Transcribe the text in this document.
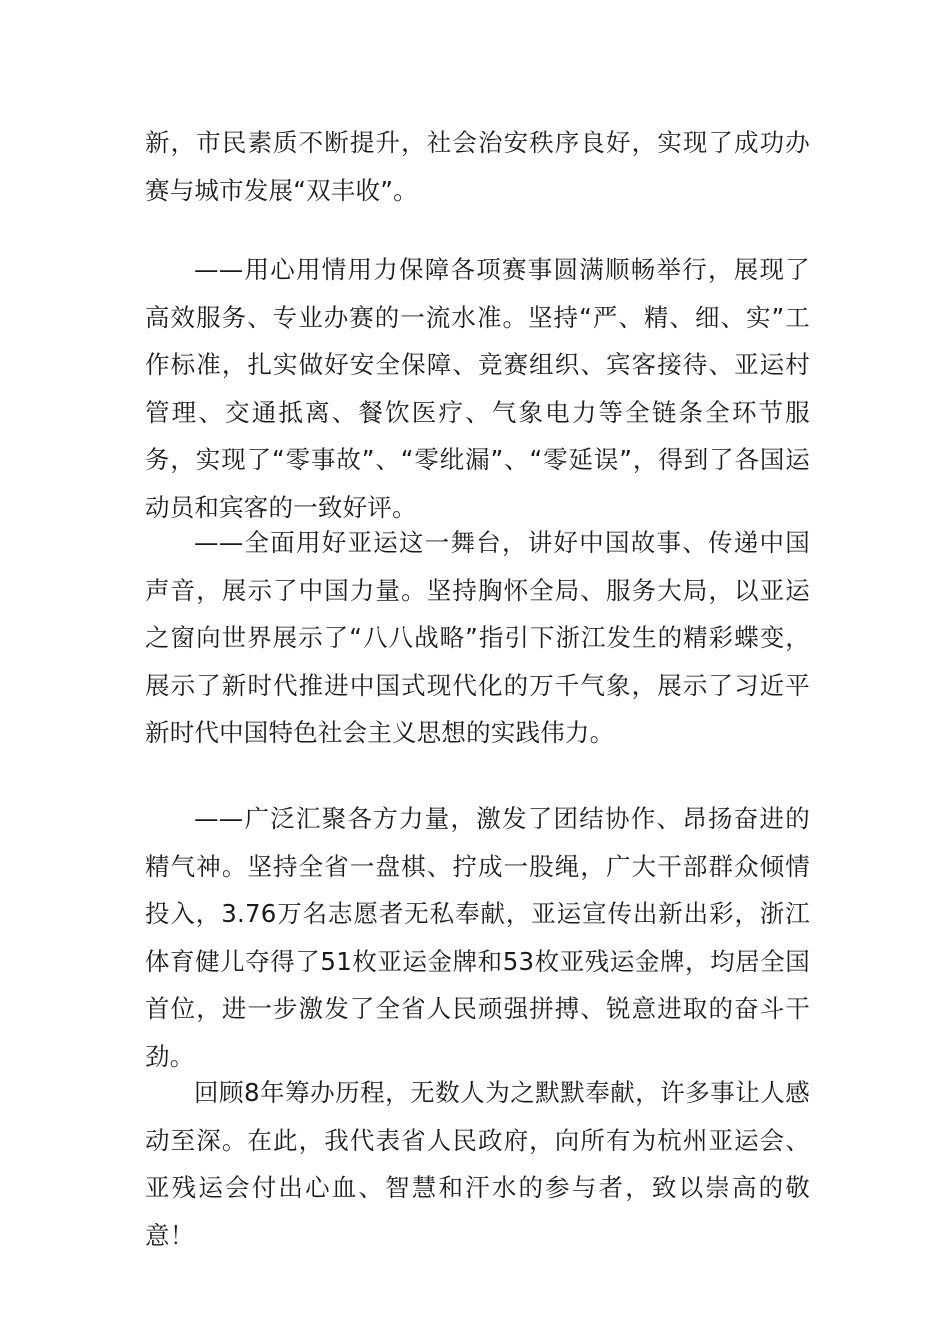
新，市民素质不断提升，社会治安秩序良好，实现了成功办赛与城市发展“双丰收”。

——用心用情用力保障各项赛事圆满顺畅举行，展现了高效服务、专业办赛的一流水准。坚持“严、精、细、实”工作标准，扎实做好安全保障、竞赛组织、宾客接待、亚运村管理、交通抵离、餐饮医疗、气象电力等全链条全环节服务，实现了“零事故”、“零纰漏”、“零延误”，得到了各国运动员和宾客的一致好评。

——全面用好亚运这一舞台，讲好中国故事、传递中国声音，展示了中国力量。坚持胸怀全局、服务大局，以亚运之窗向世界展示了“八八战略”指引下浙江发生的精彩蝶变，展示了新时代推进中国式现代化的万千气象，展示了习近平新时代中国特色社会主义思想的实践伟力。

——广泛汇聚各方力量，激发了团结协作、昂扬奋进的精气神。坚持全省一盘棋、拧成一股绳，广大干部群众倾情投入，3.76万名志愿者无私奉献，亚运宣传出新出彩，浙江体育健儿夺得了51枚亚运金牌和53枚亚残运金牌，均居全国首位，进一步激发了全省人民顽强拼搏、锐意进取的奋斗干劲。

回顾8年筹办历程，无数人为之默默奉献，许多事让人感动至深。在此，我代表省人民政府，向所有为杭州亚运会、亚残运会付出心血、智慧和汗水的参与者，致以崇高的敬意！
